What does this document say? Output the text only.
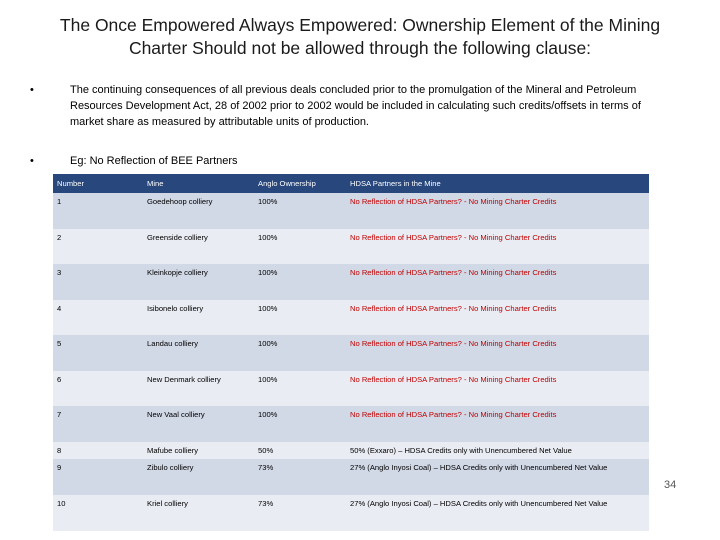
The Once Empowered Always Empowered: Ownership Element of the Mining Charter Should not be allowed through the following clause:
•	The continuing consequences of all previous deals concluded prior to the promulgation of the Mineral and Petroleum Resources Development Act, 28 of 2002 prior to 2002 would be included in calculating such credits/offsets in terms of market share as measured by attributable units of production.
•	Eg: No Reflection of BEE Partners
Number	Mine	Anglo Ownership	HDSA Partners in the Mine
1	Goedehoop colliery	100%	No Reflection of HDSA Partners? - No Mining Charter Credits
2	Greenside colliery	100%	No Reflection of HDSA Partners? - No Mining Charter Credits
3	Kleinkopje colliery	100%	No Reflection of HDSA Partners? - No Mining Charter Credits
4	Isibonelo colliery	100%	No Reflection of HDSA Partners? - No Mining Charter Credits
5	Landau colliery	100%	No Reflection of HDSA Partners? - No Mining Charter Credits
6	New Denmark colliery	100%	No Reflection of HDSA Partners? - No Mining Charter Credits
7	New Vaal colliery	100%	No Reflection of HDSA Partners? - No Mining Charter Credits
8	Mafube colliery	50%	50% (Exxaro) – HDSA Credits only with Unencumbered Net Value
9	Zibulo colliery	73%	27% (Anglo Inyosi Coal) – HDSA Credits only with Unencumbered Net Value
10	Kriel colliery	73%	27% (Anglo Inyosi Coal) – HDSA Credits only with Unencumbered Net Value
34
